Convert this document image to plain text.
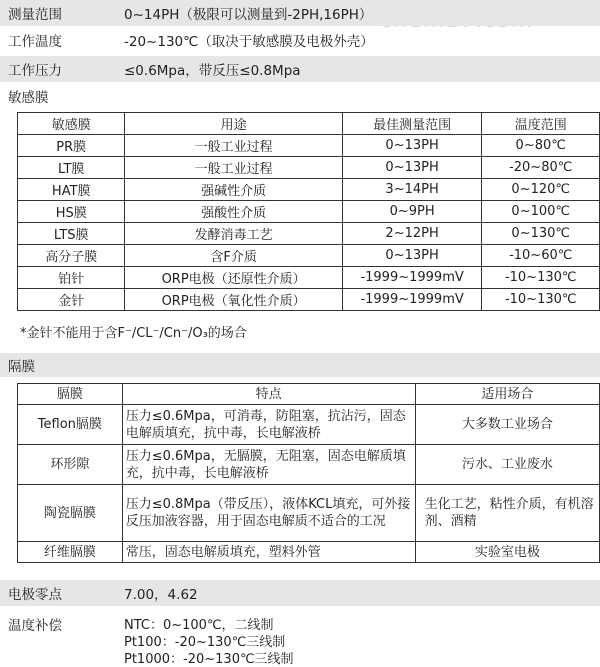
测量范围	0~14PH（极限可以测量到-2PH,16PH）
工作温度	-20~130℃（取决于敏感膜及电极外壳）
工作压力	≤0.6Mpa，带反压≤0.8Mpa
敏感膜
敏感膜	用途	最佳测量范围	温度范围
PR膜	一般工业过程	0~13PH	0~80℃
LT膜	一般工业过程	0~13PH	-20~80℃
HAT膜	强碱性介质	3~14PH	0~120℃
HS膜	强酸性介质	0~9PH	0~100℃
LTS膜	发酵消毒工艺	2~12PH	0~130℃
高分子膜	含F介质	0~13PH	-10~60℃
铂针	ORP电极（还原性介质）	-1999~1999mV	-10~130℃
金针	ORP电极（氧化性介质）	-1999~1999mV	-10~130℃
*金针不能用于含F⁻/CL⁻/Cn⁻/O₃的场合
隔膜
膈膜	特点	适用场合
Teflon膈膜	压力≤0.6Mpa，可消毒，防阻塞，抗沾污，固态电解质填充，抗中毒，长电解液桥	大多数工业场合
环形隙	压力≤0.6Mpa，无膈膜，无阻塞，固态电解质填充，抗中毒，长电解液桥	污水、工业废水
陶瓷膈膜	压力≤0.8Mpa（带反压），液体KCL填充，可外接反压加液容器，用于固态电解质不适合的工况	生化工艺，粘性介质，有机溶剂、酒精
纤维膈膜	常压，固态电解质填充，塑料外管	实验室电极
电极零点	7.00，4.62
温度补偿	NTC：0~100℃，二线制
Pt100：-20~130℃三线制
Pt1000：-20~130℃三线制
